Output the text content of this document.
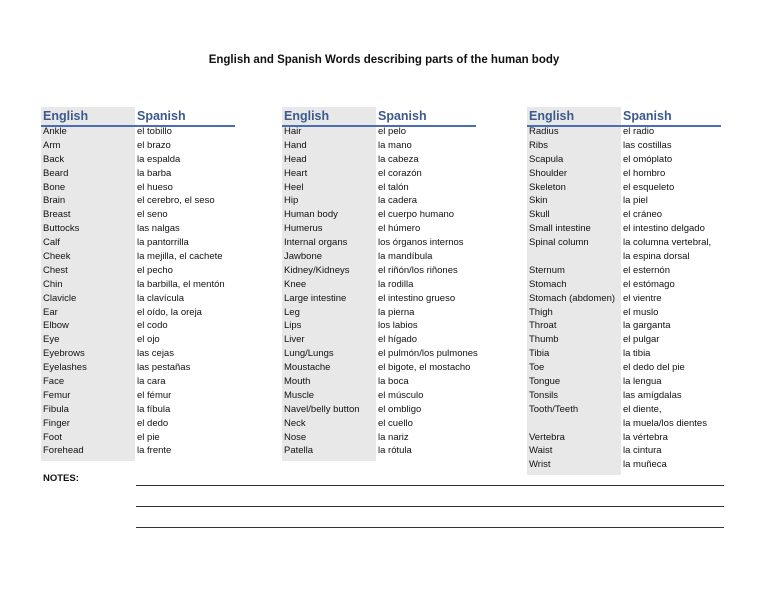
English and Spanish Words describing parts of the human body
English	Spanish
Ankle	el tobillo
Arm	el brazo
Back	la espalda
Beard	la barba
Bone	el hueso
Brain	el cerebro, el seso
Breast	el seno
Buttocks	las nalgas
Calf	la pantorrilla
Cheek	la mejilla, el cachete
Chest	el pecho
Chin	la barbilla, el mentón
Clavicle	la clavícula
Ear	el oído, la oreja
Elbow	el codo
Eye	el ojo
Eyebrows	las cejas
Eyelashes	las pestañas
Face	la cara
Femur	el fémur
Fibula	la fíbula
Finger	el dedo
Foot	el pie
Forehead	la frente
English	Spanish
Hair	el pelo
Hand	la mano
Head	la cabeza
Heart	el corazón
Heel	el talón
Hip	la cadera
Human body	el cuerpo humano
Humerus	el húmero
Internal organs	los órganos internos
Jawbone	la mandíbula
Kidney/Kidneys	el riñón/los riñones
Knee	la rodilla
Large intestine	el intestino grueso
Leg	la pierna
Lips	los labios
Liver	el hígado
Lung/Lungs	el pulmón/los pulmones
Moustache	el bigote, el mostacho
Mouth	la boca
Muscle	el músculo
Navel/belly button	el ombligo
Neck	el cuello
Nose	la nariz
Patella	la rótula
English	Spanish
Radius	el radio
Ribs	las costillas
Scapula	el omóplato
Shoulder	el hombro
Skeleton	el esqueleto
Skin	la piel
Skull	el cráneo
Small intestine	el intestino delgado
Spinal column	la columna vertebral,
la espina dorsal
Sternum	el esternón
Stomach	el estómago
Stomach (abdomen) el vientre
Thigh	el muslo
Throat	la garganta
Thumb	el pulgar
Tibia	la tibia
Toe	el dedo del pie
Tongue	la lengua
Tonsils	las amígdalas
Tooth/Teeth	el diente,
la muela/los dientes
Vertebra	la vértebra
Waist	la cintura
Wrist	la muñeca
NOTES:
